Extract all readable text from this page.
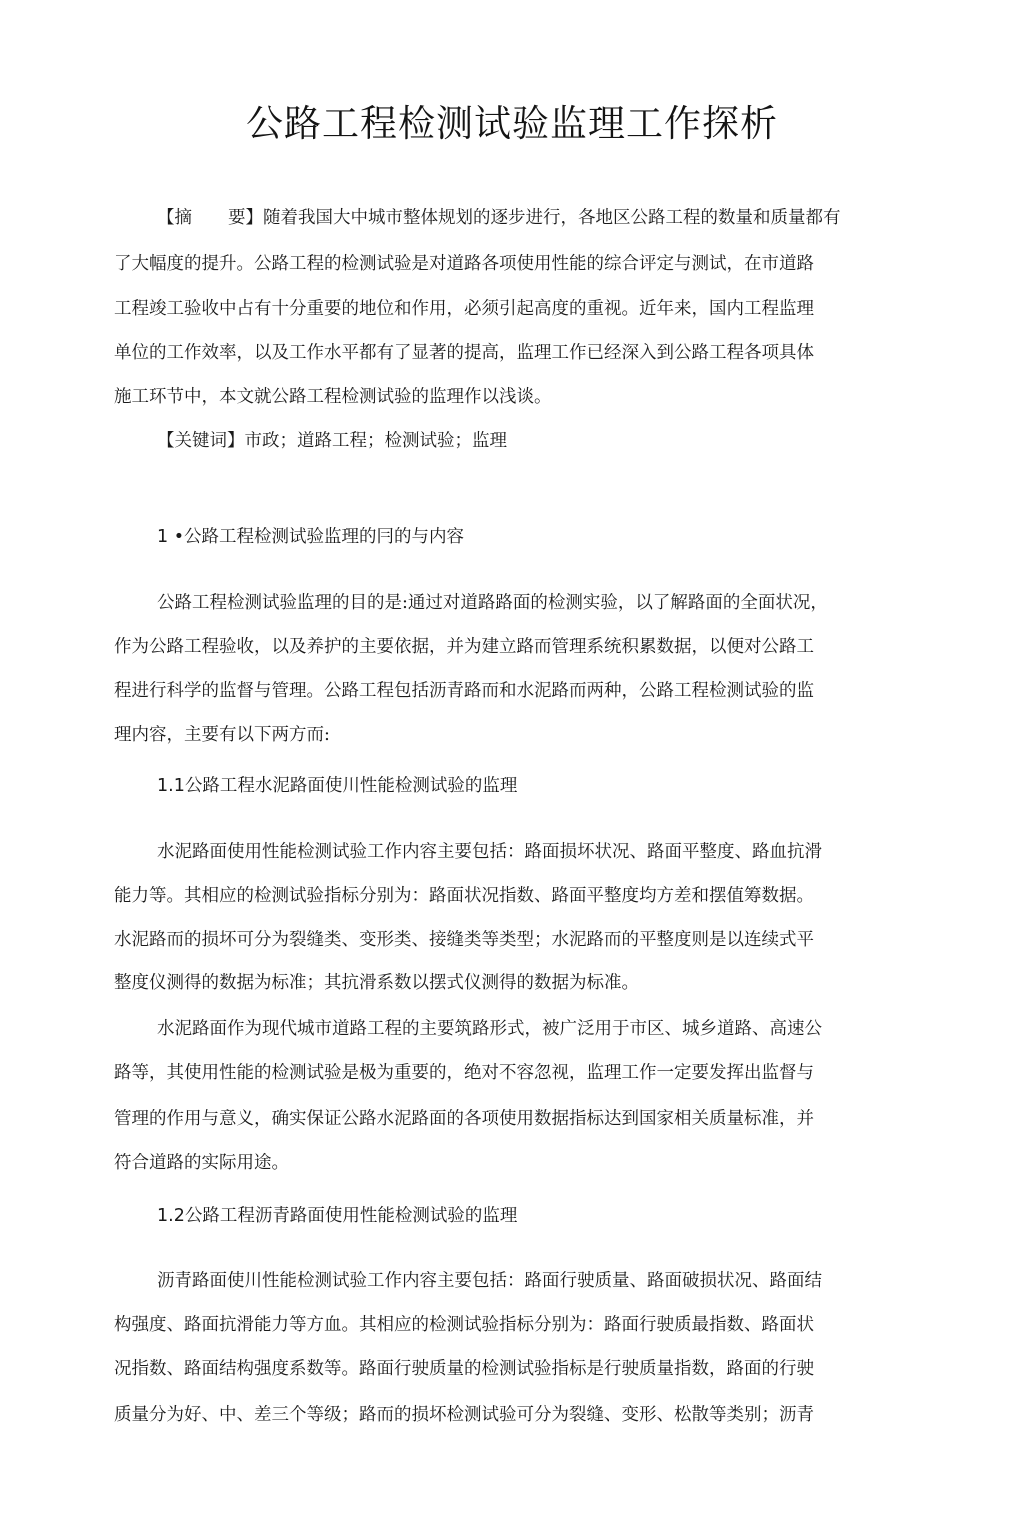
公路工程检测试验监理工作探析
【摘 要】随着我国大中城市整体规划的逐步进行，各地区公路工程的数量和质量都有
了大幅度的提升。公路工程的检测试验是对道路各项使用性能的综合评定与测试，在市道路
工程竣工验收中占有十分重要的地位和作用，必须引起高度的重视。近年来，国内工程监理
单位的工作效率，以及工作水平都有了显著的提高，监理工作已经深入到公路工程各项具体
施工环节中，本文就公路工程检测试验的监理作以浅谈。
【关键词】市政；道路工程；检测试验；监理
1 •公路工程检测试验监理的冃的与内容
公路工程检测试验监理的目的是:通过对道路路面的检测实验，以了解路面的全面状况，
作为公路工程验收，以及养护的主要依据，并为建立路而管理系统积累数据，以便对公路工
程进行科学的监督与管理。公路工程包括沥青路而和水泥路而两种，公路工程检测试验的监
理内容，主要有以下两方而:
1.1公路工程水泥路面使川性能检测试验的监理
水泥路面使用性能检测试验工作内容主要包括：路面损坏状况、路面平整度、路血抗滑
能力等。其相应的检测试验指标分别为：路面状况指数、路面平整度均方差和摆值筹数据。
水泥路而的损坏可分为裂缝类、变形类、接缝类等类型；水泥路而的平整度则是以连续式平
整度仪测得的数据为标准；其抗滑系数以摆式仪测得的数据为标准。
水泥路面作为现代城市道路工程的主要筑路形式，被广泛用于市区、城乡道路、高速公
路等，其使用性能的检测试验是极为重要的，绝对不容忽视，监理工作一定要发挥出监督与
管理的作用与意义，确实保证公路水泥路面的各项使用数据指标达到国家相关质量标准，并
符合道路的实际用途。
1.2公路工程沥青路面使用性能检测试验的监理
沥青路面使川性能检测试验工作内容主要包括：路面行驶质量、路面破损状况、路面结
构强度、路面抗滑能力等方血。其相应的检测试验指标分别为：路面行驶质最指数、路面状
况指数、路面结构强度系数等。路面行驶质量的检测试验指标是行驶质量指数，路面的行驶
质量分为好、中、差三个等级；路而的损坏检测试验可分为裂缝、变形、松散等类别；沥青
